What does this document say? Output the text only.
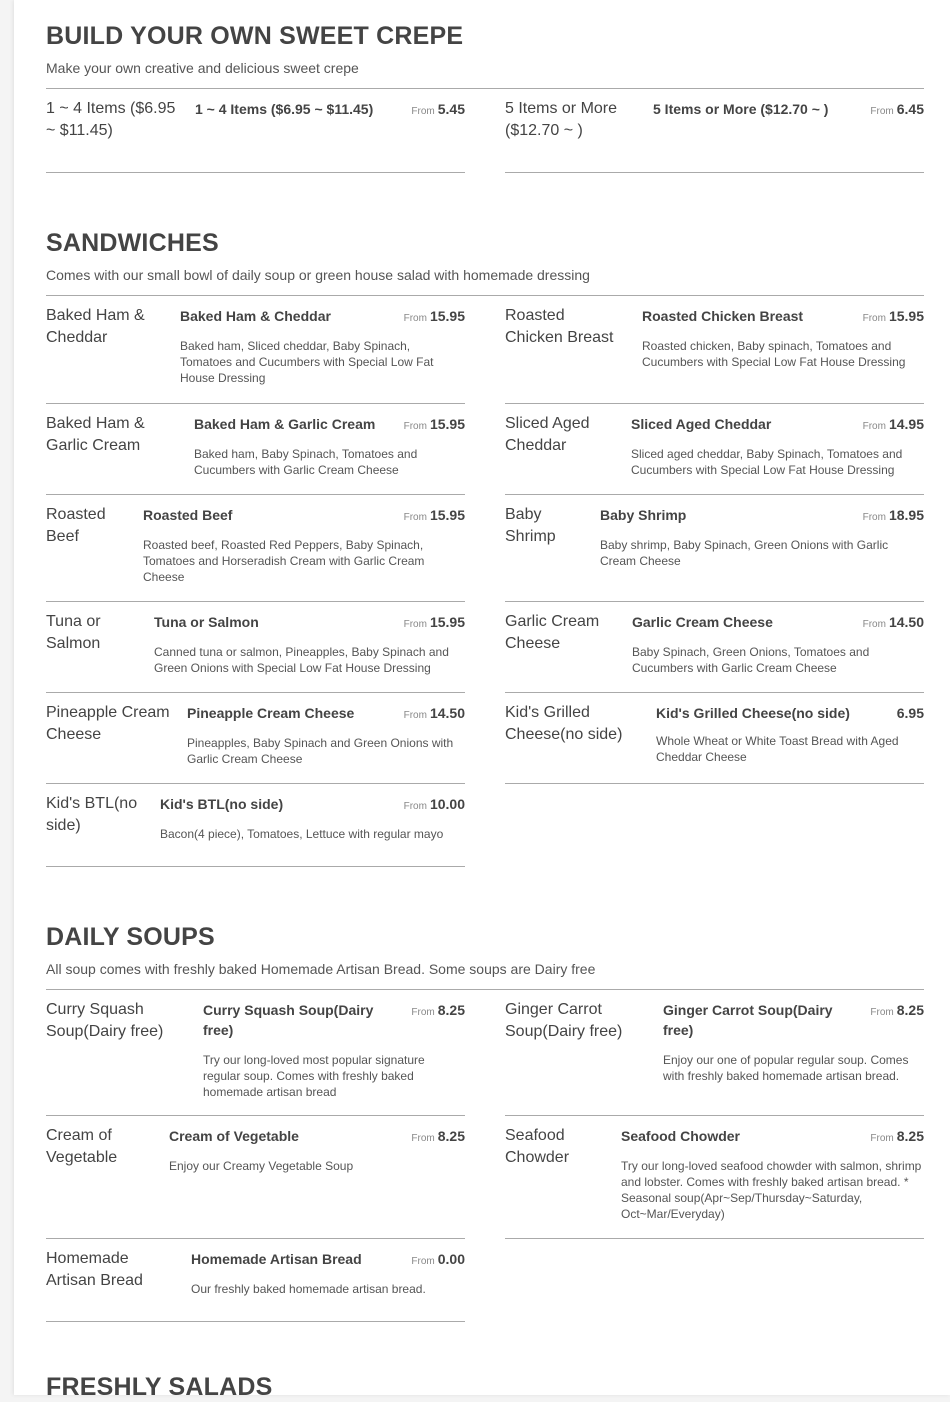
BUILD YOUR OWN SWEET CREPE
Make your own creative and delicious sweet crepe
1 ~ 4 Items ($6.95 ~ $11.45)
1 ~ 4 Items ($6.95 ~ $11.45)	From 5.45	5 Items or More ($12.70 ~ )
5 Items or More ($12.70 ~ )	From 6.45
SANDWICHES
Comes with our small bowl of daily soup or green house salad with homemade dressing
Baked Ham & Cheddar
Baked Ham & Cheddar	From 15.95
Baked ham, Sliced cheddar, Baby Spinach, Tomatoes and Cucumbers with Special Low Fat House Dressing
Roasted Chicken Breast
Roasted Chicken Breast	From 15.95
Roasted chicken, Baby spinach, Tomatoes and Cucumbers with Special Low Fat House Dressing
Baked Ham & Garlic Cream
Baked Ham & Garlic Cream	From 15.95
Baked ham, Baby Spinach, Tomatoes and Cucumbers with Garlic Cream Cheese
Sliced Aged Cheddar
Sliced Aged Cheddar	From 14.95
Sliced aged cheddar, Baby Spinach, Tomatoes and Cucumbers with Special Low Fat House Dressing
Roasted Beef
Roasted Beef	From 15.95
Roasted beef, Roasted Red Peppers, Baby Spinach, Tomatoes and Horseradish Cream with Garlic Cream Cheese
Baby Shrimp
Baby Shrimp	From 18.95
Baby shrimp, Baby Spinach, Green Onions with Garlic Cream Cheese
Tuna or Salmon
Tuna or Salmon	From 15.95
Canned tuna or salmon, Pineapples, Baby Spinach and Green Onions with Special Low Fat House Dressing
Garlic Cream Cheese
Garlic Cream Cheese	From 14.50
Baby Spinach, Green Onions, Tomatoes and Cucumbers with Garlic Cream Cheese
Pineapple Cream Cheese
Pineapple Cream Cheese	From 14.50
Pineapples, Baby Spinach and Green Onions with Garlic Cream Cheese
Kid's Grilled Cheese(no side)
Kid's Grilled Cheese(no side)	6.95
Whole Wheat or White Toast Bread with Aged Cheddar Cheese
Kid's BTL(no side)
Kid's BTL(no side)	From 10.00
Bacon(4 piece), Tomatoes, Lettuce with regular mayo
DAILY SOUPS
All soup comes with freshly baked Homemade Artisan Bread. Some soups are Dairy free
Curry Squash Soup(Dairy free)
Curry Squash Soup(Dairy free)
From 8.25
Try our long-loved most popular signature regular soup. Comes with freshly baked homemade artisan bread
Ginger Carrot Soup(Dairy free)
Ginger Carrot Soup(Dairy free)
From 8.25
Enjoy our one of popular regular soup. Comes with freshly baked homemade artisan bread.
Cream of Vegetable
Cream of Vegetable	From 8.25
Enjoy our Creamy Vegetable Soup
Seafood Chowder
Seafood Chowder	From 8.25
Try our long-loved seafood chowder with salmon, shrimp and lobster. Comes with freshly baked artisan bread. * Seasonal soup(Apr~Sep/Thursday~Saturday, Oct~Mar/Everyday)
Homemade Artisan Bread
Homemade Artisan Bread	From 0.00
Our freshly baked homemade artisan bread.
FRESHLY SALADS
